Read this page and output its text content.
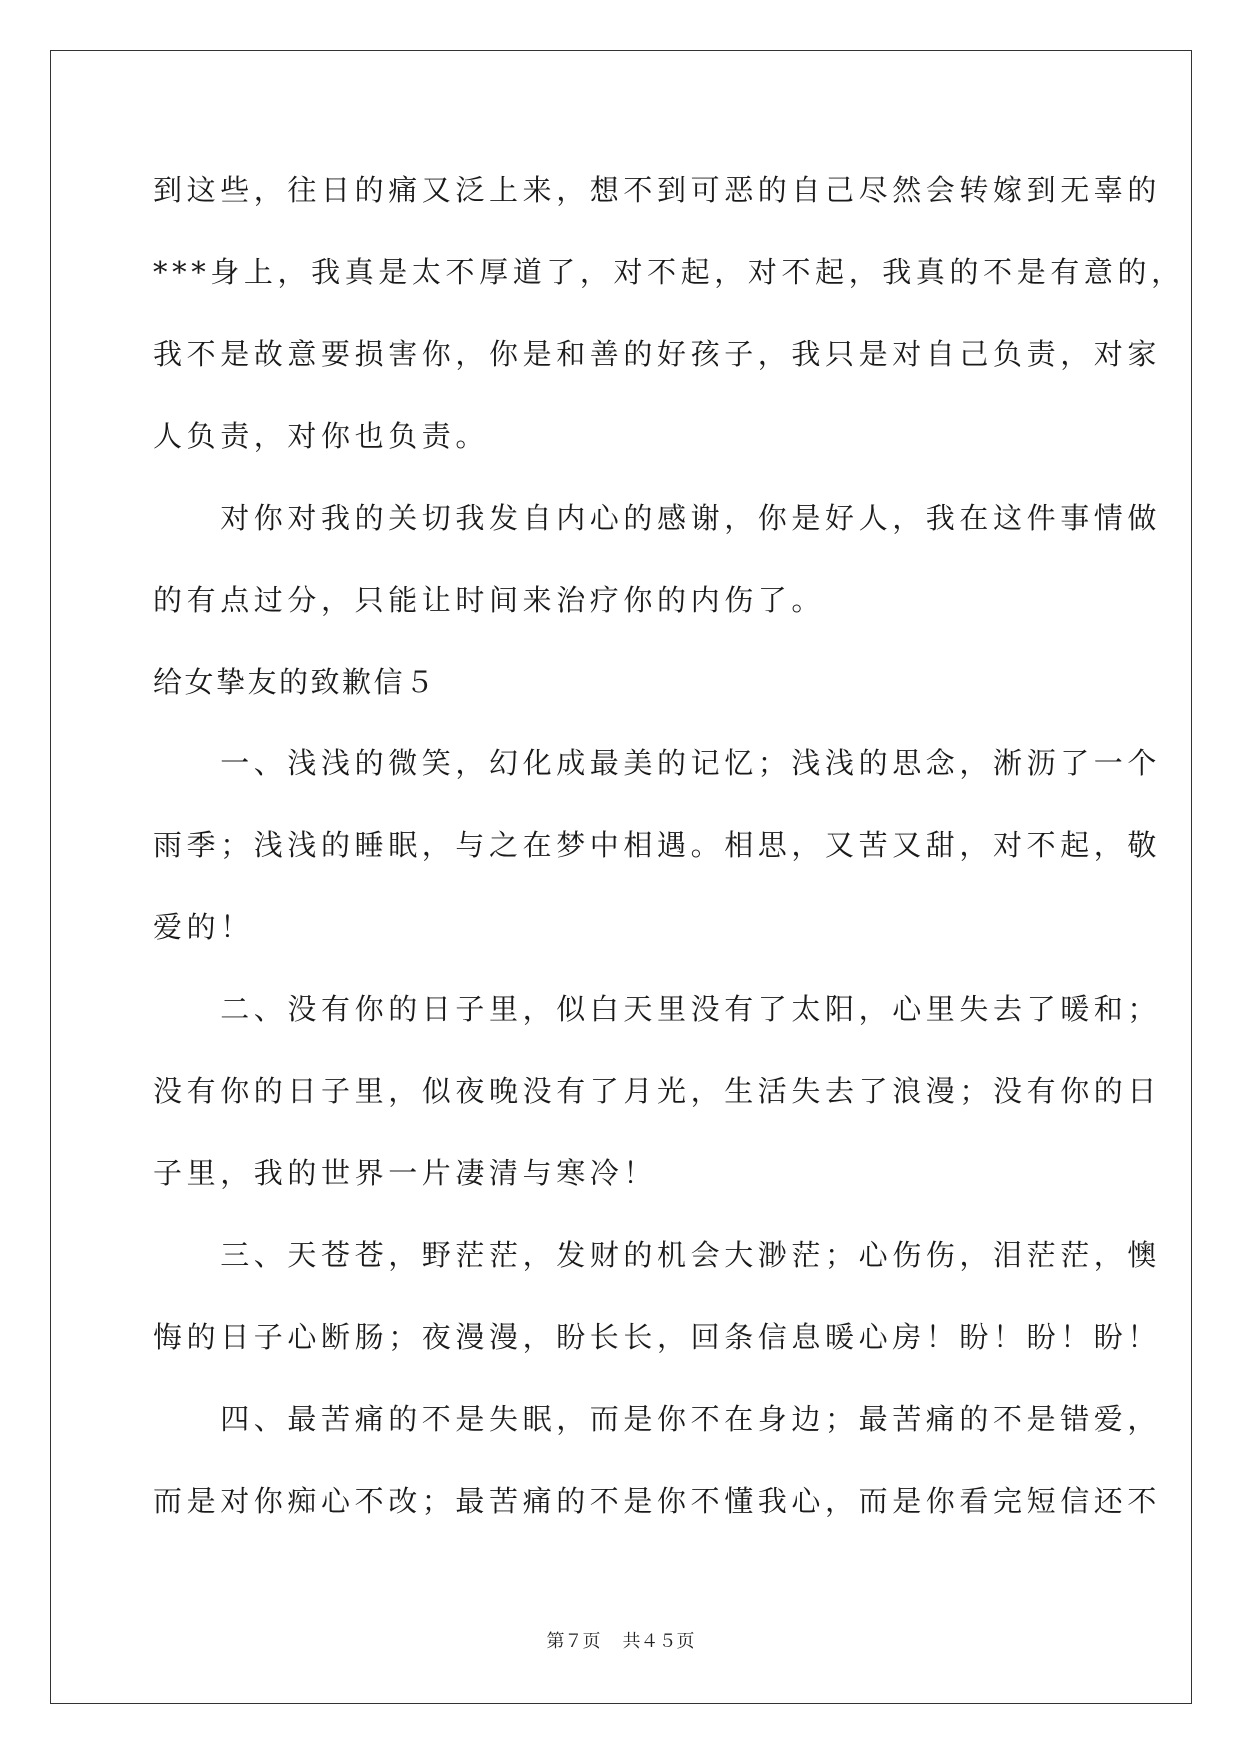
到这些，往日的痛又泛上来，想不到可恶的自己尽然会转嫁到无辜的
***身上，我真是太不厚道了，对不起，对不起，我真的不是有意的，
我不是故意要损害你，你是和善的好孩子，我只是对自己负责，对家
人负责，对你也负责。
　　对你对我的关切我发自内心的感谢，你是好人，我在这件事情做
的有点过分，只能让时间来治疗你的内伤了。
给女挚友的致歉信５
　　一、浅浅的微笑，幻化成最美的记忆；浅浅的思念，淅沥了一个
雨季；浅浅的睡眠，与之在梦中相遇。相思，又苦又甜，对不起，敬
爱的！
　　二、没有你的日子里，似白天里没有了太阳，心里失去了暖和；
没有你的日子里，似夜晚没有了月光，生活失去了浪漫；没有你的日
子里，我的世界一片凄清与寒冷！
　　三、天苍苍，野茫茫，发财的机会大渺茫；心伤伤，泪茫茫，懊
悔的日子心断肠；夜漫漫，盼长长，回条信息暖心房！盼！盼！盼！
　　四、最苦痛的不是失眠，而是你不在身边；最苦痛的不是错爱，
而是对你痴心不改；最苦痛的不是你不懂我心，而是你看完短信还不
第７页 共４５页
